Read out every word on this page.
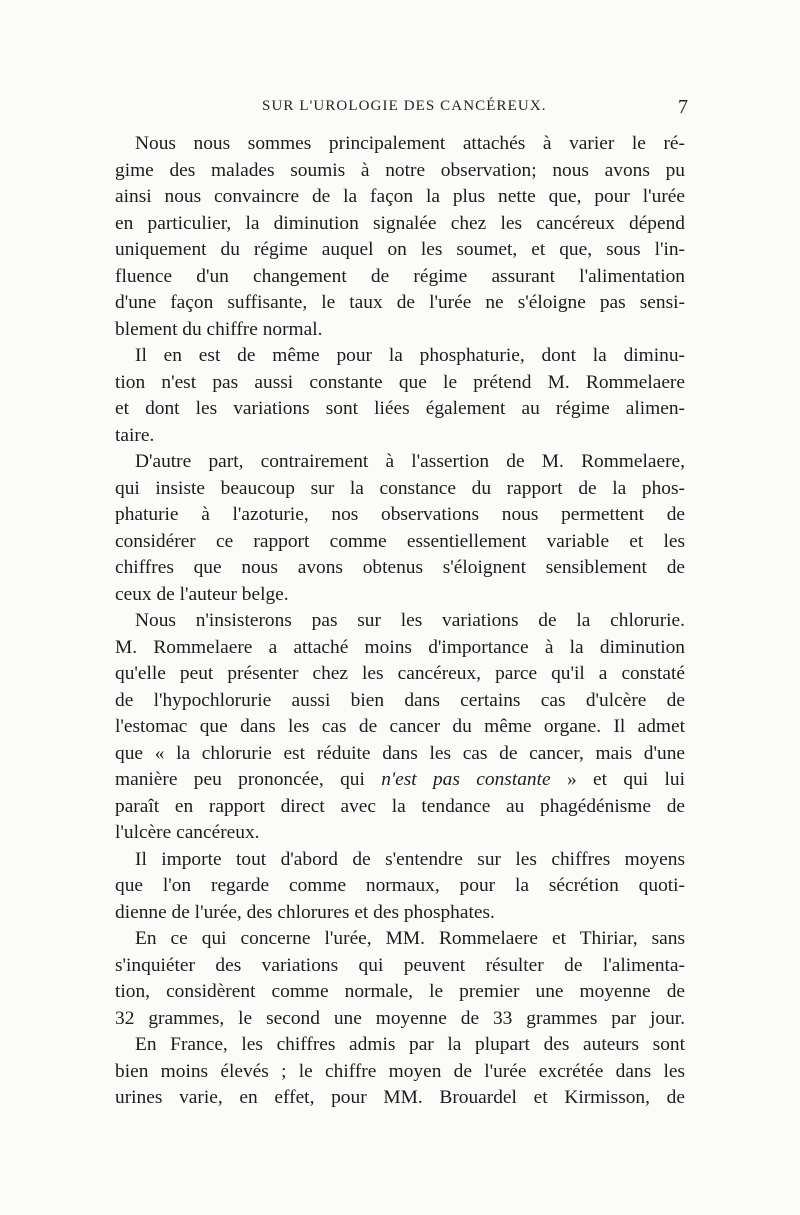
SUR L'UROLOGIE DES CANCÉREUX.	7
Nous nous sommes principalement attachés à varier le ré-
gime des malades soumis à notre observation; nous avons pu
ainsi nous convaincre de la façon la plus nette que, pour l'urée
en particulier, la diminution signalée chez les cancéreux dépend
uniquement du régime auquel on les soumet, et que, sous l'in-
fluence d'un changement de régime assurant l'alimentation
d'une façon suffisante, le taux de l'urée ne s'éloigne pas sensi-
blement du chiffre normal.
Il en est de même pour la phosphaturie, dont la diminu-
tion n'est pas aussi constante que le prétend M. Rommelaere
et dont les variations sont liées également au régime alimen-
taire.
D'autre part, contrairement à l'assertion de M. Rommelaere,
qui insiste beaucoup sur la constance du rapport de la phos-
phaturie à l'azoturie, nos observations nous permettent de
considérer ce rapport comme essentiellement variable et les
chiffres que nous avons obtenus s'éloignent sensiblement de
ceux de l'auteur belge.
Nous n'insisterons pas sur les variations de la chlorurie.
M. Rommelaere a attaché moins d'importance à la diminution
qu'elle peut présenter chez les cancéreux, parce qu'il a constaté
de l'hypochlorurie aussi bien dans certains cas d'ulcère de
l'estomac que dans les cas de cancer du même organe. Il admet
que « la chlorurie est réduite dans les cas de cancer, mais d'une
manière peu prononcée, qui n'est pas constante » et qui lui
paraît en rapport direct avec la tendance au phagédénisme de
l'ulcère cancéreux.
Il importe tout d'abord de s'entendre sur les chiffres moyens
que l'on regarde comme normaux, pour la sécrétion quoti-
dienne de l'urée, des chlorures et des phosphates.
En ce qui concerne l'urée, MM. Rommelaere et Thiriar, sans
s'inquiéter des variations qui peuvent résulter de l'alimenta-
tion, considèrent comme normale, le premier une moyenne de
32 grammes, le second une moyenne de 33 grammes par jour.
En France, les chiffres admis par la plupart des auteurs sont
bien moins élevés ; le chiffre moyen de l'urée excrétée dans les
urines varie, en effet, pour MM. Brouardel et Kirmisson, de
